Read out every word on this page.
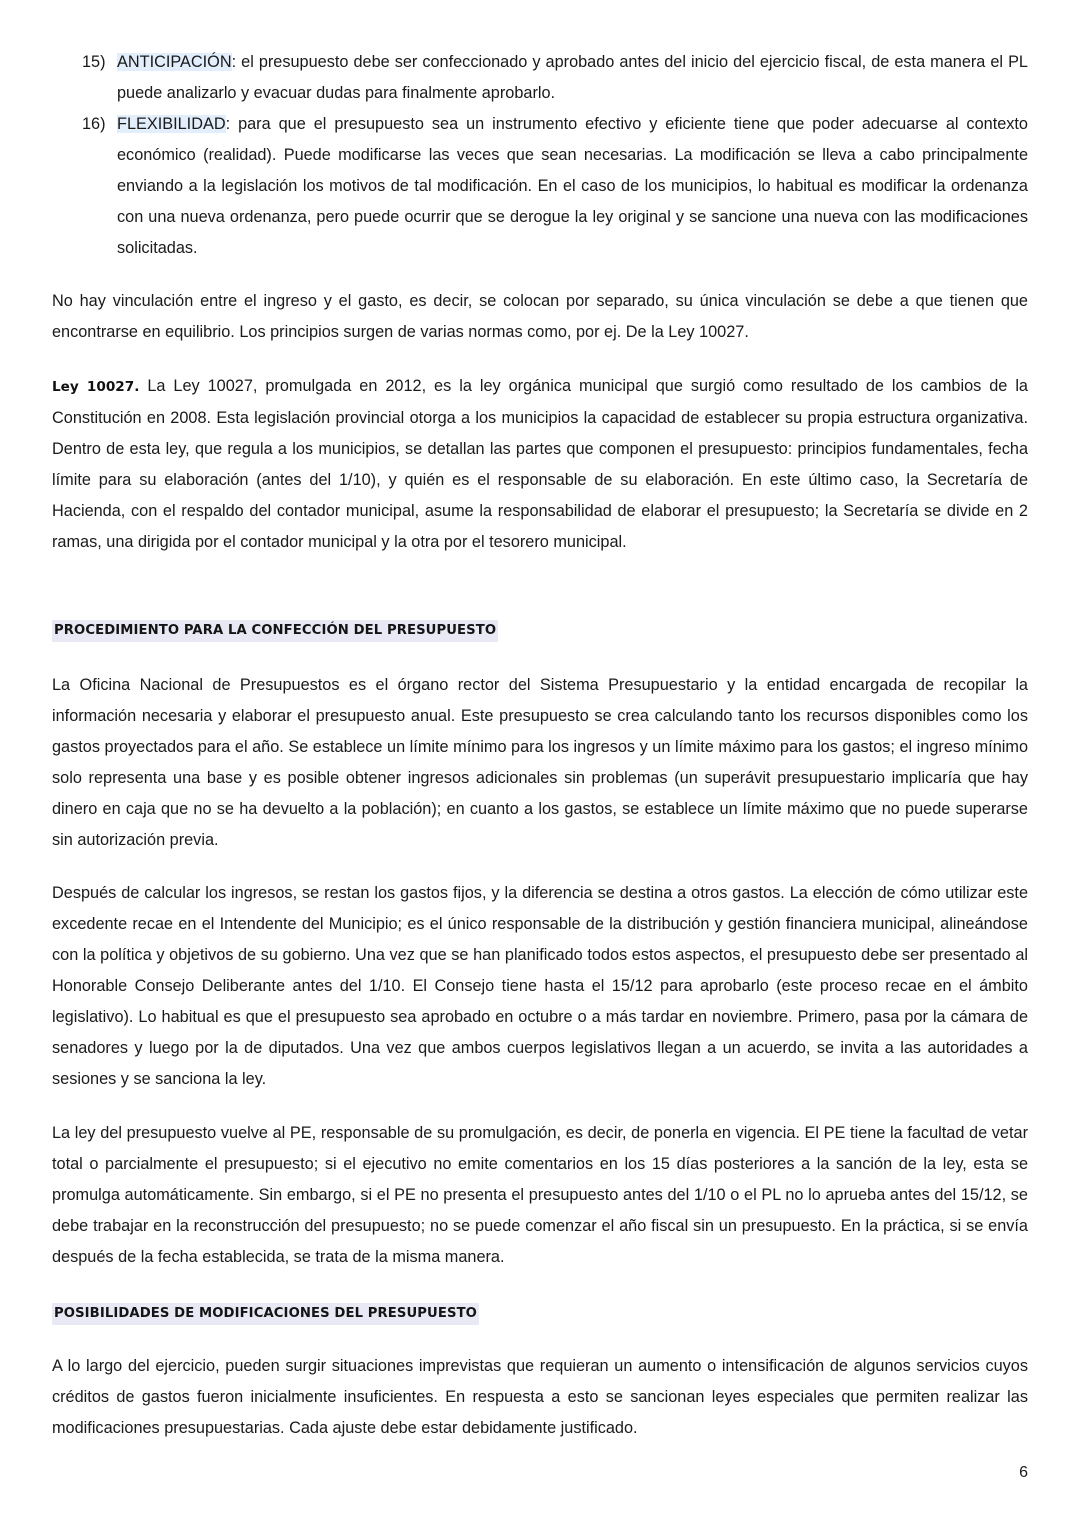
15) ANTICIPACIÓN: el presupuesto debe ser confeccionado y aprobado antes del inicio del ejercicio fiscal, de esta manera el PL puede analizarlo y evacuar dudas para finalmente aprobarlo.

16) FLEXIBILIDAD: para que el presupuesto sea un instrumento efectivo y eficiente tiene que poder adecuarse al contexto económico (realidad). Puede modificarse las veces que sean necesarias. La modificación se lleva a cabo principalmente enviando a la legislación los motivos de tal modificación. En el caso de los municipios, lo habitual es modificar la ordenanza con una nueva ordenanza, pero puede ocurrir que se derogue la ley original y se sancione una nueva con las modificaciones solicitadas.

No hay vinculación entre el ingreso y el gasto, es decir, se colocan por separado, su única vinculación se debe a que tienen que encontrarse en equilibrio. Los principios surgen de varias normas como, por ej. De la Ley 10027.

Ley 10027. La Ley 10027, promulgada en 2012, es la ley orgánica municipal que surgió como resultado de los cambios de la Constitución en 2008. Esta legislación provincial otorga a los municipios la capacidad de establecer su propia estructura organizativa. Dentro de esta ley, que regula a los municipios, se detallan las partes que componen el presupuesto: principios fundamentales, fecha límite para su elaboración (antes del 1/10), y quién es el responsable de su elaboración. En este último caso, la Secretaría de Hacienda, con el respaldo del contador municipal, asume la responsabilidad de elaborar el presupuesto; la Secretaría se divide en 2 ramas, una dirigida por el contador municipal y la otra por el tesorero municipal.

PROCEDIMIENTO PARA LA CONFECCIÓN DEL PRESUPUESTO

La Oficina Nacional de Presupuestos es el órgano rector del Sistema Presupuestario y la entidad encargada de recopilar la información necesaria y elaborar el presupuesto anual. Este presupuesto se crea calculando tanto los recursos disponibles como los gastos proyectados para el año. Se establece un límite mínimo para los ingresos y un límite máximo para los gastos; el ingreso mínimo solo representa una base y es posible obtener ingresos adicionales sin problemas (un superávit presupuestario implicaría que hay dinero en caja que no se ha devuelto a la población); en cuanto a los gastos, se establece un límite máximo que no puede superarse sin autorización previa.

Después de calcular los ingresos, se restan los gastos fijos, y la diferencia se destina a otros gastos. La elección de cómo utilizar este excedente recae en el Intendente del Municipio; es el único responsable de la distribución y gestión financiera municipal, alineándose con la política y objetivos de su gobierno. Una vez que se han planificado todos estos aspectos, el presupuesto debe ser presentado al Honorable Consejo Deliberante antes del 1/10. El Consejo tiene hasta el 15/12 para aprobarlo (este proceso recae en el ámbito legislativo). Lo habitual es que el presupuesto sea aprobado en octubre o a más tardar en noviembre. Primero, pasa por la cámara de senadores y luego por la de diputados. Una vez que ambos cuerpos legislativos llegan a un acuerdo, se invita a las autoridades a sesiones y se sanciona la ley.

La ley del presupuesto vuelve al PE, responsable de su promulgación, es decir, de ponerla en vigencia. El PE tiene la facultad de vetar total o parcialmente el presupuesto; si el ejecutivo no emite comentarios en los 15 días posteriores a la sanción de la ley, esta se promulga automáticamente. Sin embargo, si el PE no presenta el presupuesto antes del 1/10 o el PL no lo aprueba antes del 15/12, se debe trabajar en la reconstrucción del presupuesto; no se puede comenzar el año fiscal sin un presupuesto. En la práctica, si se envía después de la fecha establecida, se trata de la misma manera.

POSIBILIDADES DE MODIFICACIONES DEL PRESUPUESTO

A lo largo del ejercicio, pueden surgir situaciones imprevistas que requieran un aumento o intensificación de algunos servicios cuyos créditos de gastos fueron inicialmente insuficientes. En respuesta a esto se sancionan leyes especiales que permiten realizar las modificaciones presupuestarias. Cada ajuste debe estar debidamente justificado.

6
